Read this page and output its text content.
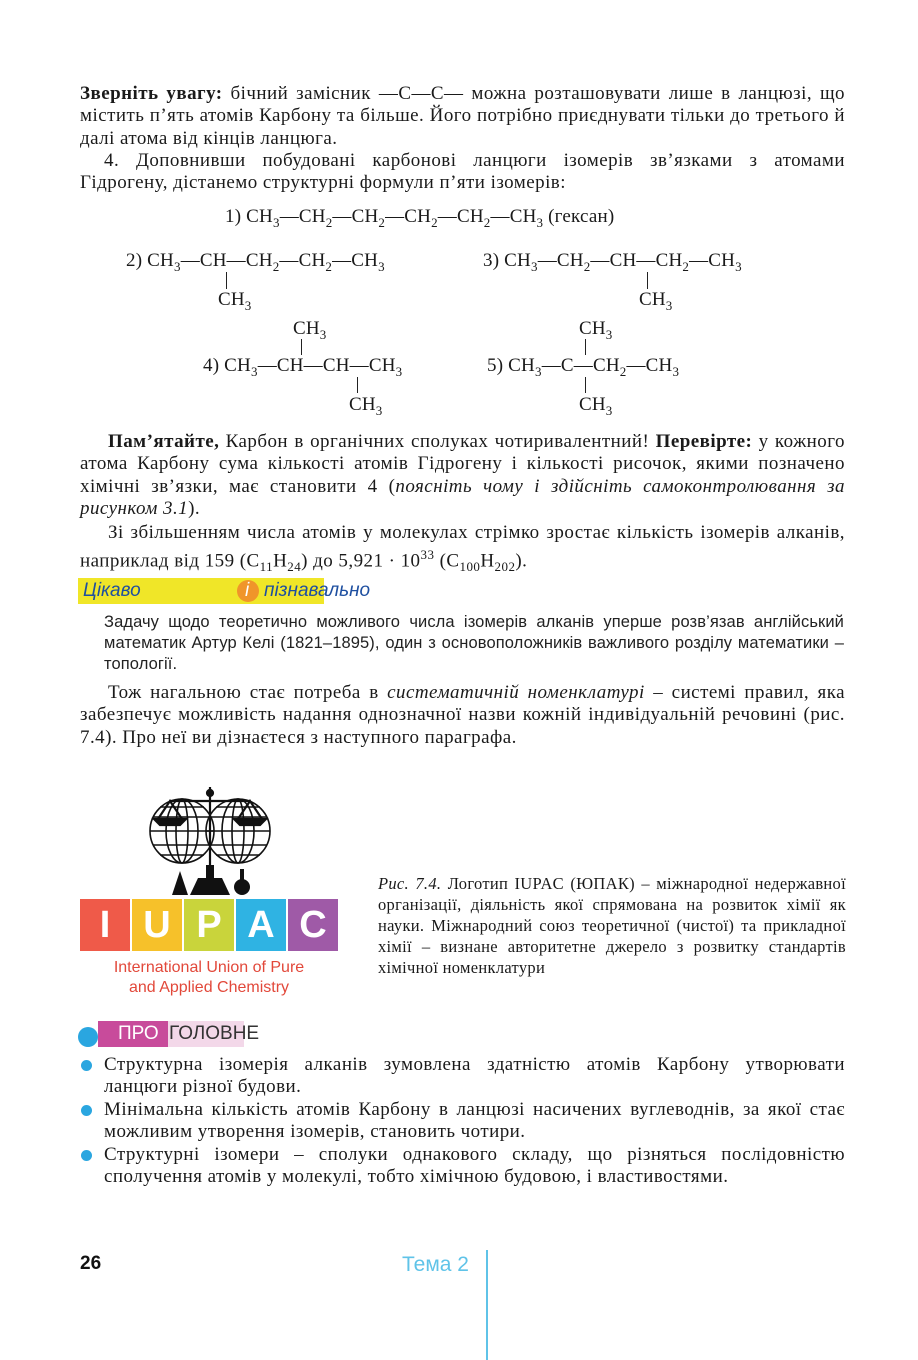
Зверніть увагу: бічний замісник —C—C— можна розташовувати лише в ланцюзі, що містить п’ять атомів Карбону та більше. Його потрібно приєднувати тільки до третього й далі атома від кінців ланцюга.
4. Доповнивши побудовані карбонові ланцюги ізомерів зв’язками з атомами Гідрогену, дістанемо структурні формули п’яти ізомерів:
1) $CH_3—CH_2—CH_2—CH_2—CH_2—CH_3$ (гексан)
2) $CH_3—CH—CH_2—CH_2—CH_3$
$CH_3$
3) $CH_3—CH_2—CH—CH_2—CH_3$
$CH_3$
$CH_3$
4) $CH_3—CH—CH—CH_3$
$CH_3$
$CH_3$
5) $CH_3—C—CH_2—CH_3$
$CH_3$
Пам’ятайте, Карбон в органічних сполуках чотиривалентний! Перевірте: у кожного атома Карбону сума кількості атомів Гідрогену і кількості рисочок, якими позначено хімічні зв’язки, має становити 4 (поясніть чому і здійсніть самоконтролювання за рисунком 3.1).
Зі збільшенням числа атомів у молекулах стрімко зростає кількість ізомерів алканів, наприклад від 159 $(C_{11}H_{24})$ до $5,921 \cdot 10^{33}$ $(C_{100}H_{202})$.
Цікаво	і пізнавально
Задачу щодо теоретично можливого числа ізомерів алканів уперше розв’язав англійський математик Артур Келі (1821–1895), один з основоположників важливого розділу математики – топології.
Тож нагальною стає потреба в систематичній номенклатурі – системі правил, яка забезпечує можливість надання однозначної назви кожній індивідуальній речовині (рис. 7.4). Про неї ви дізнаєтеся з наступного параграфа.
I U P A C
International Union of Pure
and Applied Chemistry
Рис. 7.4. Логотип IUPAC (ЮПАК) – міжнародної недержавної організації, діяльність якої спрямована на розвиток хімії як науки. Міжнародний союз теоретичної (чистої) та прикладної хімії – визнане авторитетне джерело з розвитку стандартів хімічної номенклатури
ПРО ГОЛОВНЕ
Структурна ізомерія алканів зумовлена здатністю атомів Карбону утворювати ланцюги різної будови.
Мінімальна кількість атомів Карбону в ланцюзі насичених вуглеводнів, за якої стає можливим утворення ізомерів, становить чотири.
Структурні ізомери – сполуки однакового складу, що різняться послідовністю сполучення атомів у молекулі, тобто хімічною будовою, і властивостями.
26	Тема 2
